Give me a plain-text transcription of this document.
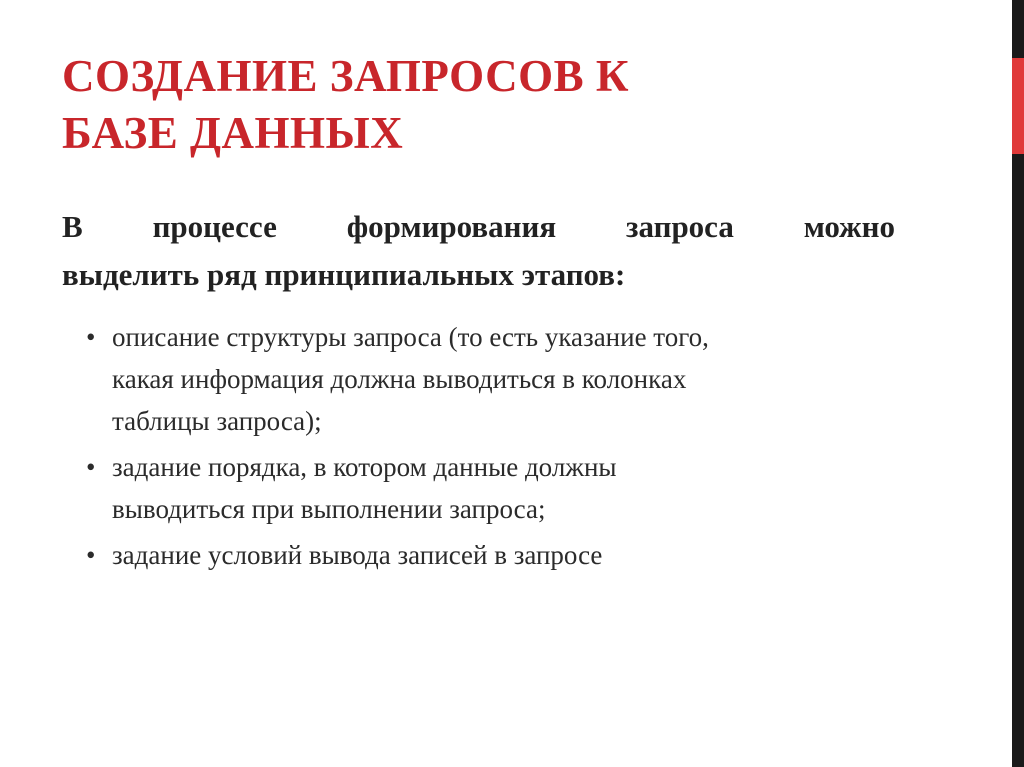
СОЗДАНИЕ ЗАПРОСОВ К
БАЗЕ ДАННЫХ

В процессе формирования запроса можно
выделить ряд принципиальных этапов:

• описание структуры запроса (то есть указание того,
какая информация должна выводиться в колонках
таблицы запроса);
• задание порядка, в котором данные должны
выводиться при выполнении запроса;
• задание условий вывода записей в запросе
